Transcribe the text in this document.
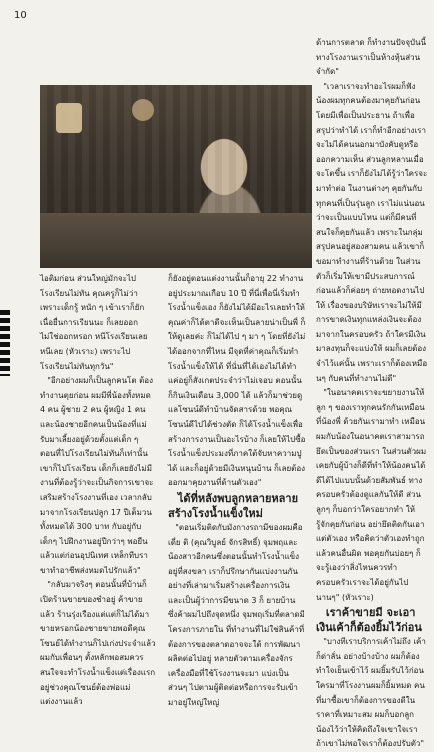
10

ไอติมก่อน ส่วนใหญ่มักจะไปโรงเรียนไม่ทัน คุณครูก็ไม่ว่า เพราะเด็กรู้ หนัก ๆ เข้าเราก็ยักเนื่อยื่นการเรียนนะ ก็เลยออก ไม่ใช่ออกหรอก หนีโรงเรียนเลย หนีเลย (หัวเราะ) เพราะไปโรงเรียนไม่ทันทุกวัน"

"อีกอย่างผมก็เป็นลูกคนโต ต้องทำงานตุยก่อน ผมมีพี่น้องทั้งหมด 4 คน ผู้ชาย 2 คน ผู้หญิง 1 คน และน้องชายอีกคนเป็นน้องที่แม่รับมาเลี้ยงอยู่ด้วยตั้งแต่เด็ก ๆ ตอนที่ไปโรงเรียนไม่ทันก็เท่านั้นเขาก็ไปโรงเรียน เด็กก็เลยยังไม่มีงานที่ต้องรู้ว่าจะเป็นกิจการเขาจะเสริมสร้างโรงงานที่เอง เวลากลับมาจากโรงเรียนปลูก 17 ปีเต็มวนทั้งหมดได้ 300 บาท กับอยู่กับเด็กๆ ไปฝึกงานอยู่ปีกว่าๆ พอยืนแล้วแต่ก่อนอุปนิเทศ เหล็กทีบรา ขาทำอาชีพส่งหมดไปรักแล้ว"

"กลับมาจริงๆ ตอนนั้นที่บ้านก็เปิดร้านขายของชำอยู่ ค้าขายแล้ว ร้านรุ่งเรืองแต่แต่ก็ไม่ได้มาขายหรอกน้องชายขายพอดีคุณโซนย์ได้ทำงานก็ไปเก่งประจำแล้ว ผมกับเพื่อนๆ ตั้งหลักพอสมควร สนใจจะทำโรงน้ำแข็งแต่เรื่องแรกอยู่ช่วงคุณโซนย์ต้องพ่อแม่ แต่งงานแล้ว

ก็ยังอยู่ตอนแต่งงานนั้นก็อายุ 22 ทำงานอยู่ประมาณเกือบ 10 ปี ที่นี่เพื่อนี่เริ่มทำโรงน้ำแข็งเอง ก็ยังไม่ได้มีอะไรเลยทำให้คุณค่าก็ได้ตาดีจะเห็นเป็นลายน่าเป็นพี่ ก็ให้ดูเลยค่ะ ก็ไม่ได้ไป ๆ มา ๆ โดยที่ยังไม่ได้ออกจากที่ไหน มีจุดที่ค่าคุณก็เริ่มทำโรงน้ำแข็งให้ได้ ที่นั่นที่ได้เองไม่ได้ทำ แค่อยู่ก็สังเกตประจำว่าไม่เจอบ ตอนนั้นก็กินเงินเดือน 3,000 ได้ แล้วก็มาช่วยดูแลโซนน์ดีทำบ้านจัดสารด้วย พอคุณโซนน์ดีไปได้ช่วงตัด ก็ได้โรงน้ำแข็งเพื่อสร้างการงานเป็นอะไรบ้าง ก็เลยให้ไปซื้อโรงน้ำแข็งประมงที่ภาคใต้จับหาความปูได้ และก็อยู่ด้วยมีเงินหนุนบ้าน ก็เลยต้องออกมาคุยงานที่ด้านตัวเอง"

ได้ที่หลังพบลูกหลายหลาย สร้างโรงน้ำแข็งใหม่

"ตอนเริ่มติดกับมังกางรถามีของผมคือเดี่ย ติ (คุณวิบูลย์ จักรสิทธิ์) จุมพฤและน้องสาวอีกคนซึ่งตอนนั้นทำโรงน้ำแข็งอยู่ที่สงขลา เราก็ปรึกษากันแบ่งงานกัน อย่างที่เล่ามาเริ่มสร้างเครื่องการเงิน และเป็นผู้ว่าการมีขนาด 3 ก็ ยายบ้าน ซึ่งค้าผมไปถึงจุดหนึ่ง จุมพฤเริ่มที่ตลาดมีโครงการภายใน ที่ทำงานที่ไม่ใช่สินค้าที่ต้องการของตลาดอาจจะใต้ การพัฒนาผลิตต่อไปอยู่ หลายตัวตามเครื่องจักรเครื่องมือที่ใช้โรงงานจะมา แบ่งเป็นส่วนๆ ไปตามผู้ติดต่อหรือการจะรับเข้ามาอยู่ใหญ่ใหญ่

ด้านการตลาด ก็ทำงานปัจจุบันนี้ทางโรงงานเราเป็นห้างหุ้นส่วนจำกัด"

"เวลาเราจะทำอะไรผมก็ฟังน้องผมทุกคนต้องมาคุยกันก่อน โดยมีเพื่อเป็นประธาน ถ้าเพื่อสรุปว่าทำได้ เราก็ทำอีกอย่างเราจะไม่ได้คนนอกมาบังคับดูหรือออกความเห็น ส่วนลูกหลานเมื่อจะโตขึ้น เราก็ยังไม่ได้รู้ว่าใครจะมาทำต่อ ในงานต่างๆ คุยกันกับทุกคนที่เป็นรุ่นลูก เราไม่แน่นอนว่าจะเป็นแบบไหน แต่ก็มีคนที่สนใจก็คุยกันแล้ว เพราะในกลุ่มสรุปคนอยู่สองสามคน แล้วเขาก็ขอมาทำงานที่ร้านด้วย ในส่วนตัวก็เริ่มให้เขามีประสบการณ์ก่อนแล้วก็ค่อยๆ ถ่ายทอดงานไปให้ เรื่องของบริษัทเราจะไม่ให้มีการขาดเงินทุกแหล่งเงินจะต้องมาจากในครอบครัว ถ้าใครมีเงินมาลงทุนก็จะแบ่งให้ ผมก็เลยต้องจำไว้แค่นั้น เพราะเราก็ต้องเหมือนๆ กับคนที่ทำงานไม่ดี"

"ในอนาคตเราจะขยายงานให้ลูก ๆ ของเราทุกคนรักกันเหมือนที่น้องพี่ ด้วยกันเรามาทำ เหมือนผมกับน้องในอนาคตเราสามารถยึดเป็นของส่วนเรา ในส่วนตัวผมเคยกับผู้บ้างก็ดีที่ทำให้น้องคนได้ดีได้ไปแบบนั้นด้วยสัมพันธ์ ทางครอบครัวต้องดูแลกันให้ดี ส่วนลูกๆ ก็บอกว่าใครอยากทำ ให้รู้จักคุยกันก่อน อย่ายึดติดกันเอาแต่ตัวเอง หรือคิดว่าตัวเองทำถูกแล้วคนอื่นผิด พอคุยกันบ่อยๆ ก็จะรู้เองว่าสิ่งไหนควรทำ ครอบครัวเราจะได้อยู่กันไปนานๆ" (หัวเราะ)

เราค้าขายมี จะเอาเงินเค้าก็ต้องยิ้มไว้ก่อน

"บางทีเราบริการเค้าไม่ถึง เค้าก็ด่าลั่น อย่างบ้างบ้าง ผมก็ต้องทำใจเย็นเข้าไว้ ผมยิ้มรับไว้ก่อน ใครมาที่โรงงานผมก็ยิ้มหมด คนที่มาซื้อเขาก็ต้องการของดีในราคาที่เหมาะสม ผมก็บอกลูกน้องไว้ว่าให้คิดถึงใจเขาใจเรา ถ้าเขาไม่พอใจเราก็ต้องปรับตัว"
